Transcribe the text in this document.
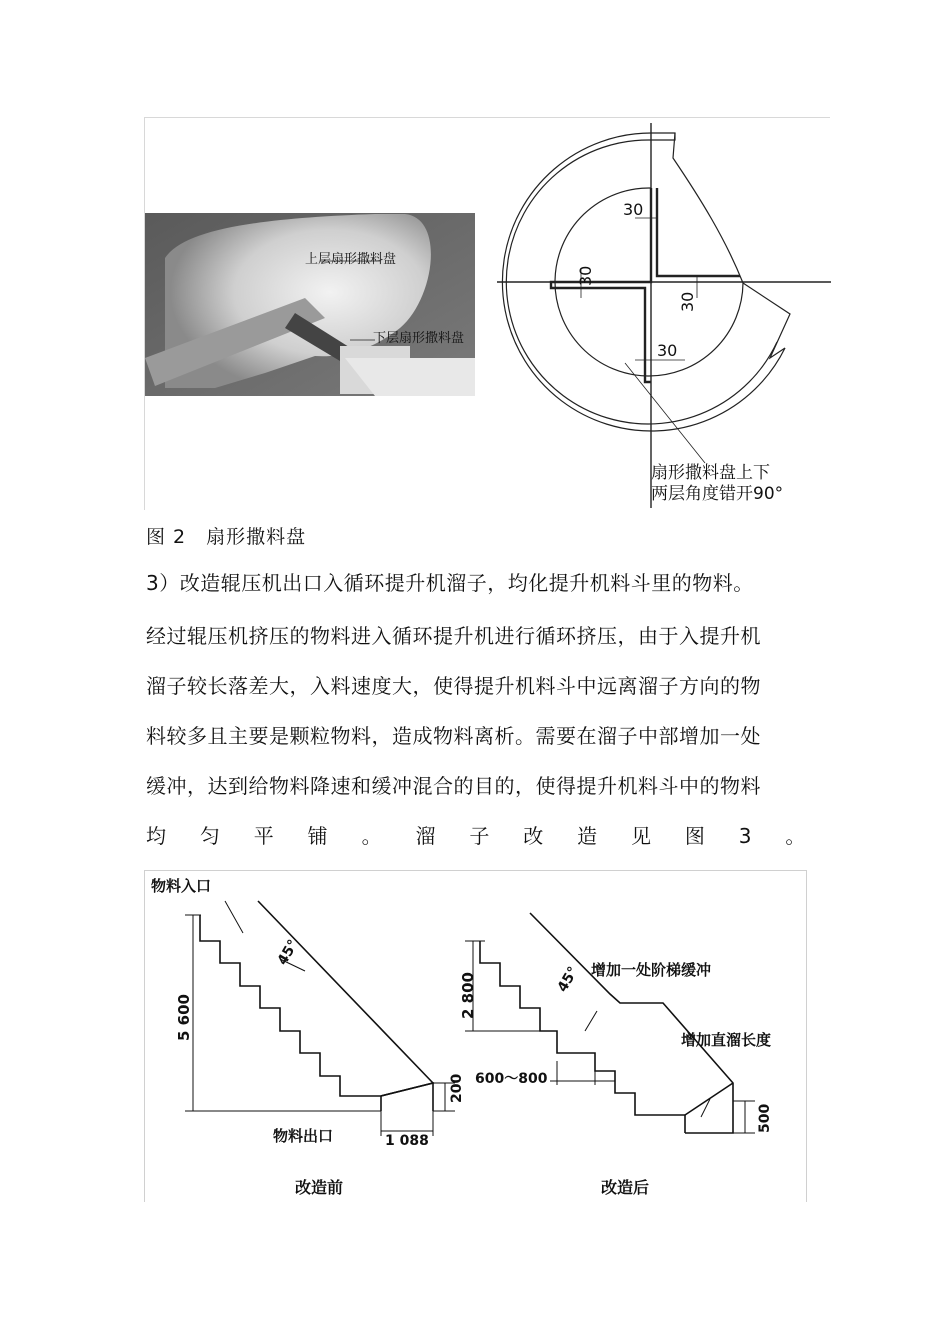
上层扇形撒料盘
下层扇形撒料盘
30
30
30
30
扇形撒料盘上下
两层角度错开90°
图 2　扇形撒料盘
3）改造辊压机出口入循环提升机溜子，均化提升机料斗里的物料。
经过辊压机挤压的物料进入循环提升机进行循环挤压，由于入提升机
溜子较长落差大，入料速度大，使得提升机料斗中远离溜子方向的物
料较多且主要是颗粒物料，造成物料离析。需要在溜子中部增加一处
缓冲，达到给物料降速和缓冲混合的目的，使得提升机料斗中的物料
均 匀 平 铺 。 溜 子 改 造 见 图 3 。
物料入口
45°
5 600
200
1 088
物料出口
改造前
2 800	45° 增加一处阶梯缓冲
增加直溜长度
600～800
500
改造后
